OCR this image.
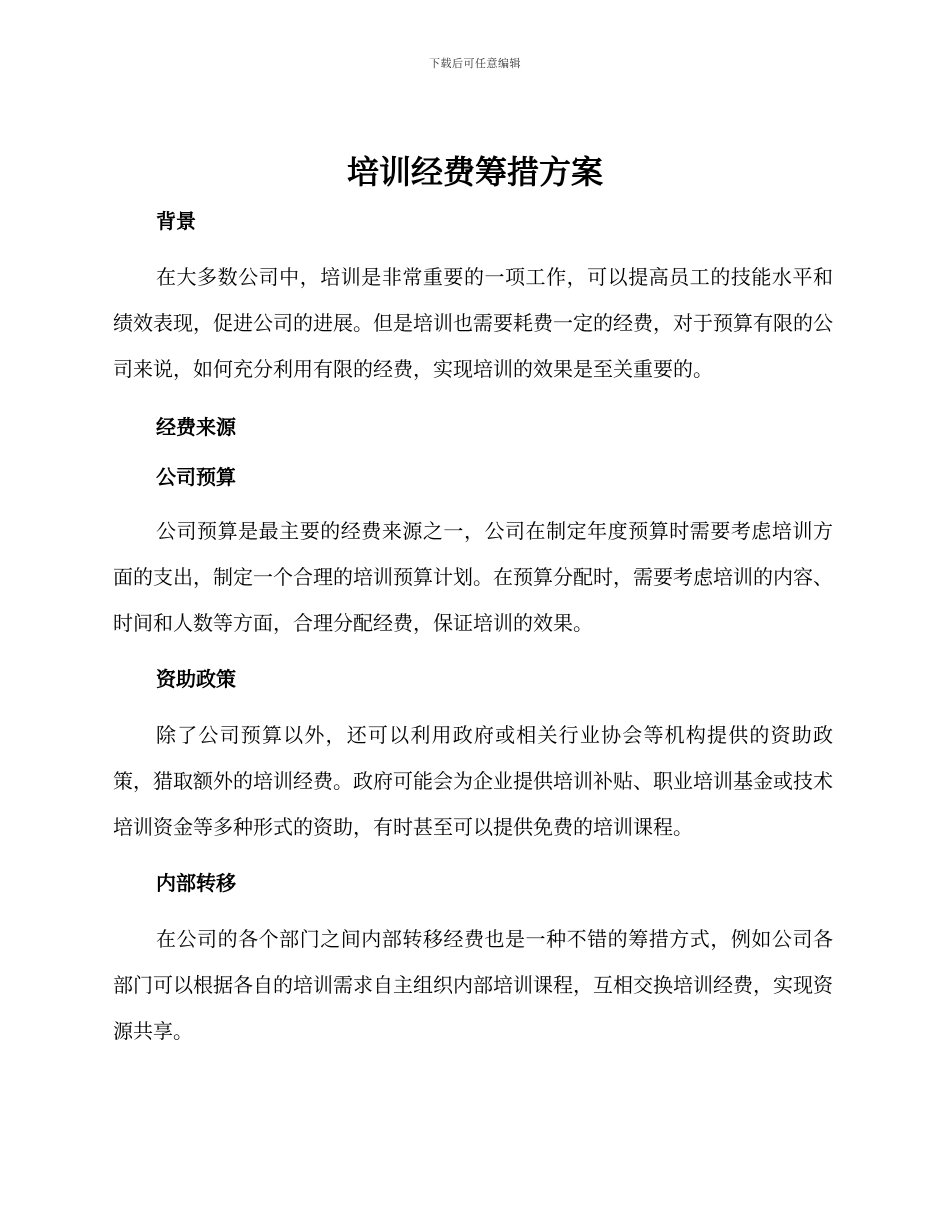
下载后可任意编辑
培训经费筹措方案
背景

在大多数公司中，培训是非常重要的一项工作，可以提高员工的技能水平和绩效表现，促进公司的进展。但是培训也需要耗费一定的经费，对于预算有限的公司来说，如何充分利用有限的经费，实现培训的效果是至关重要的。

经费来源
公司预算

公司预算是最主要的经费来源之一，公司在制定年度预算时需要考虑培训方面的支出，制定一个合理的培训预算计划。在预算分配时，需要考虑培训的内容、时间和人数等方面，合理分配经费，保证培训的效果。

资助政策

除了公司预算以外，还可以利用政府或相关行业协会等机构提供的资助政策，猎取额外的培训经费。政府可能会为企业提供培训补贴、职业培训基金或技术培训资金等多种形式的资助，有时甚至可以提供免费的培训课程。

内部转移

在公司的各个部门之间内部转移经费也是一种不错的筹措方式，例如公司各部门可以根据各自的培训需求自主组织内部培训课程，互相交换培训经费，实现资源共享。
